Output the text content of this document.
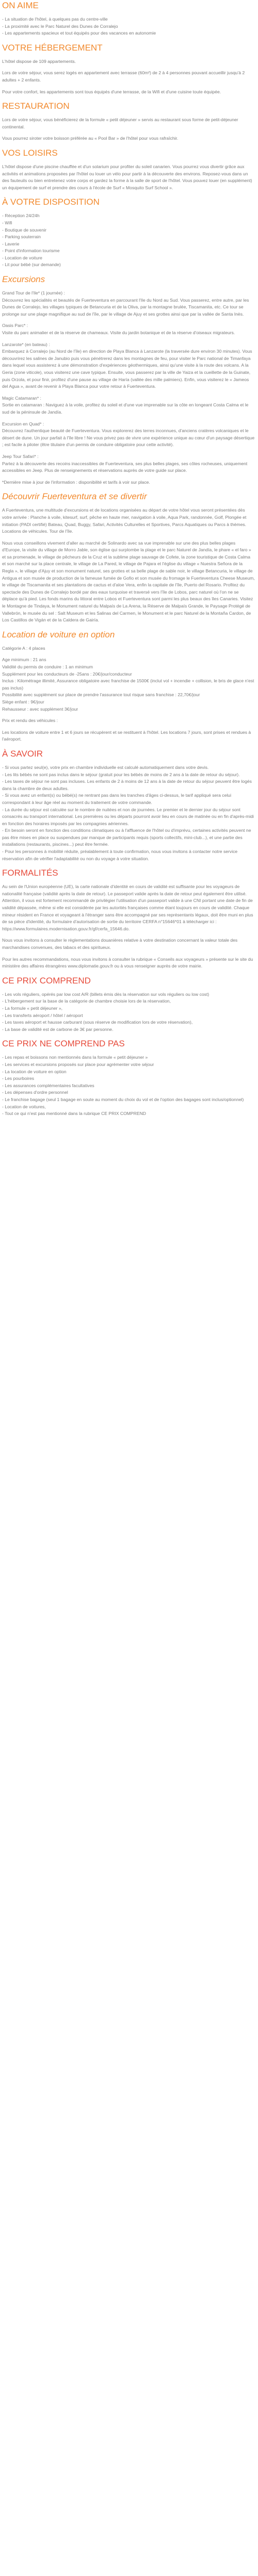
ON AIME
- La situation de l'hôtel, à quelques pas du centre-ville
- La proximité avec le Parc Naturel des Dunes de Corralejo
- Les appartements spacieux et tout équipés pour des vacances en autonomie
VOTRE HÉBERGEMENT

L'hôtel dispose de 109 appartements.

Lors de votre séjour, vous serez logés en appartement avec terrasse (60m²) de 2 à 4 personnes pouvant accueillir jusqu'à 2 adultes + 2 enfants.

Pour votre confort, les appartements sont tous équipés d'une terrasse, de la Wifi et d'une cuisine toute équipée.

RESTAURATION

Lors de votre séjour, vous bénéficierez de la formule « petit déjeuner » servis au restaurant sous forme de petit-déjeuner continental.

Vous pourrez siroter votre boisson préférée au « Pool Bar » de l'hôtel pour vous rafraîchir.

VOS LOISIRS

L'hôtel dispose d'une piscine chauffée et d'un solarium pour profiter du soleil canarien. Vous pourrez vous divertir grâce aux activités et animations proposées par l'hôtel ou louer un vélo pour partir à la découverte des environs. Reposez-vous dans un des fauteuils ou bien entretenez votre corps et gardez la forme à la salle de sport de l'hôtel. Vous pouvez louer (en supplément) un équipement de surf et prendre des cours à l'école de Surf « Mosquito Surf School ».

À VOTRE DISPOSITION
- Réception 24/24h
- Wifi
- Boutique de souvenir
- Parking souterrain
- Laverie
- Point d'information tourisme
- Location de voiture
- Lit pour bébé (sur demande)
Excursions

Grand Tour de l'Ile* (1 journée) :

Découvrez les spécialités et beautés de Fuerteventura en parcourant l'Ile du Nord au Sud. Vous passerez, entre autre, par les Dunes de Corralejo, les villages typiques de Betancuria et de la Oliva, par la montagne brulée, Tiscamanita, etc. Ce tour se prolonge sur une plage magnifique au sud de l'île, par le village de Ajuy et ses grottes ainsi que par la vallée de Santa Inès.

Oasis Parc* :

Visite du parc animalier et de la réserve de chameaux. Visite du jardin botanique et de la réserve d'oiseaux migrateurs.

Lanzarote* (en bateau) :

Embarquez à Corralejo (au Nord de l'île) en direction de Playa Blanca à Lanzarote (la traversée dure environ 30 minutes). Vous découvrirez les salines de Janubio puis vous pénétrerez dans les montagnes de feu, pour visiter le Parc national de Timanfaya dans lequel vous assisterez à une démonstration d'expériences géothermiques, ainsi qu'une visite à la route des volcans. A la Geria (zone viticole), vous visiterez une cave typique. Ensuite, vous passerez par la ville de Yaiza et la cueillette de la Guinate, puis Orzola, et pour finir, profitez d'une pause au village de Haría (vallée des mille palmiers). Enfin, vous visiterez le « Jameos del Agua », avant de revenir à Playa Blanca pour votre retour à Fuerteventura.

Magic Catamaran* :

Sortie en catamaran : Naviguez à la voile, profitez du soleil et d'une vue imprenable sur la côte en longeant Costa Calma et le sud de la péninsule de Jandía.

Excursion en Quad* :

Découvrez l'authentique beauté de Fuerteventura. Vous explorerez des terres inconnues, d'anciens cratères volcaniques et le désert de dune. Un jour parfait à l'île libre ! Ne vous privez pas de vivre une expérience unique au cœur d'un paysage désertique ; est facile à piloter (être titulaire d'un permis de conduire obligatoire pour cette activité).

Jeep Tour Safari* :

Partez à la découverte des recoins inaccessibles de Fuerteventura, ses plus belles plages, ses côtes rocheuses, uniquement accessibles en Jeep. Plus de renseignements et réservations auprès de votre guide sur place.

*Dernière mise à jour de l'information : disponibilité et tarifs à voir sur place.

Découvrir Fuerteventura et se divertir

A Fuerteventura, une multitude d'excursions et de locations organisées au départ de votre hôtel vous seront présentées dès votre arrivée : Planche à voile, kitesurf, surf, pêche en haute mer, navigation à voile, Aqua Park, randonnée, Golf, Plongée et initiation (PADI certifié) Bateau, Quad, Buggy, Safari, Activités Culturelles et Sportives, Parcs Aquatiques ou Parcs à thèmes. Locations de véhicules. Tour de l'île.

Nous vous conseillons vivement d'aller au marché de Solinardo avec sa vue imprenable sur une des plus belles plages d'Europe, la visite du village de Morro Jable, son église qui surplombe la plage et le parc Naturel de Jandía, le phare « el faro » et sa promenade, le village de pêcheurs de la Cruz et la sublime plage sauvage de Cofete, la zone touristique de Costa Calma et son marché sur la place centrale, le village de La Pared, le village de Pajara et l'église du village « Nuestra Señora de la Regla », le village d'Ajuy et son monument naturel, ses grottes et sa belle plage de sable noir, le village Betancuria, le village de Antigua et son musée de production de la fameuse fumée de Gofio et son musée du fromage le Fuerteventura Cheese Museum, le village de Tiscamanita et ses plantations de cactus et d'aloe Vera, enfin la capitale de l'île, Puerto del Rosario. Profitez du spectacle des Dunes de Corralejo bordé par des eaux turquoise et traversé vers l'île de Lobos, parc naturel où l'on ne se déplace qu'à pied. Les fonds marins du littoral entre Lobos et Fuerteventura sont parmi les plus beaux des îles Canaries. Visitez le Montagne de Tindaya, le Monument naturel du Malpaís de La Arena, la Réserve de Malpaís Grande, le Paysage Protégé de Vallebrón, le musée du sel : Salt Museum et les Salinas del Carmen, le Monument et le parc Naturel de la Montaña Cardon, de Los Castillos de Vigán et de la Caldera de Gairía.

Location de voiture en option

Catégorie A : 4 places

Age minimum : 21 ans

Validité du permis de conduire : 1 an minimum

Supplément pour les conducteurs de -25ans : 20€/jour/conducteur

Inclus : Kilométrage illimité, Assurance obligatoire avec franchise de 1500€ (inclut vol + incendie + collision, le bris de glace n'est pas inclus)

Possibilité avec supplément sur place de prendre l'assurance tout risque sans franchise : 22,70€/jour

Siège enfant : 9€/jour

Rehausseur : avec supplément 3€/jour

Prix et rendu des véhicules :

Les locations de voiture entre 1 et 6 jours se récupèrent et se restituent à l'hôtel. Les locations 7 jours, sont prises et rendues à l'aéroport.

À SAVOIR

- Si vous partez seul(e), votre prix en chambre individuelle est calculé automatiquement dans votre devis.

- Les lits bébés ne sont pas inclus dans le séjour (gratuit pour les bébés de moins de 2 ans à la date de retour du séjour).

- Les taxes de séjour ne sont pas incluses. Les enfants de 2 à moins de 12 ans à la date de retour du séjour peuvent être logés dans la chambre de deux adultes.

- Si vous avez un enfant(s) ou bébé(s) ne rentrant pas dans les tranches d'âges ci-dessus, le tarif appliqué sera celui correspondant à leur âge réel au moment du traitement de votre commande.

- La durée du séjour est calculée sur le nombre de nuitées et non de journées. Le premier et le dernier jour du séjour sont consacrés au transport international. Les premières ou les départs pourront avoir lieu en cours de matinée ou en fin d'après-midi en fonction des horaires imposés par les compagnies aériennes.

- En besoin seront en fonction des conditions climatiques ou à l'affluence de l'hôtel ou d'imprévu, certaines activités peuvent ne pas être mises en place ou suspendues par manque de participants requis (sports collectifs, mini-club...), et une partie des installations (restaurants, piscines...) peut être fermée.

- Pour les personnes à mobilité réduite, préalablement à toute confirmation, nous vous invitons à contacter notre service réservation afin de vérifier l'adaptabilité ou non du voyage à votre situation.

FORMALITÉS

Au sein de l'Union européenne (UE), la carte nationale d'identité en cours de validité est suffisante pour les voyageurs de nationalité française (validité après la date de retour). Le passeport valide après la date de retour peut également être utilisé. Attention, il vous est fortement recommandé de privilégier l'utilisation d'un passeport valide à une CNI portant une date de fin de validité dépassée, même si elle est considérée par les autorités françaises comme étant toujours en cours de validité. Chaque mineur résident en France et voyageant à l'étranger sans être accompagné par ses représentants légaux, doit être muni en plus de sa pièce d'identité, du formulaire d'autorisation de sortie du territoire CERFA n°15646*01 à télécharger ici : https://www.formulaires.modernisation.gouv.fr/gf/cerfa_15646.do.

Nous vous invitons à consulter le règlementations douanières relative à votre destination concernant la valeur totale des marchandises convenues, des tabacs et des spiritueux.

Pour les autres recommandations, nous vous invitons à consulter la rubrique « Conseils aux voyageurs » présente sur le site du ministère des affaires étrangères www.diplomatie.gouv.fr ou à vous renseigner auprès de votre mairie.

CE PRIX COMPREND
- Les vols réguliers, opérés par low cost A/R (billets émis dès la réservation sur vols réguliers ou low cost)
- L'hébergement sur la base de la catégorie de chambre choisie lors de la réservation,
- La formule « petit déjeuner »,
- Les transferts aéroport / hôtel / aéroport
- Les taxes aéroport et hausse carburant (sous réserve de modification lors de votre réservation),
- La base de validité est de carbone de 3€ par personne.
CE PRIX NE COMPREND PAS
- Les repas et boissons non mentionnés dans la formule « petit déjeuner »
- Les services et excursions proposés sur place pour agrémenter votre séjour
- La location de voiture en option
- Les pourboires
- Les assurances complémentaires facultatives
- Les dépenses d'ordre personnel
- Le franchise bagage (seul 1 bagage en soute au moment du choix du vol et de l'option des bagages sont inclus/optionnel)
- Location de voitures,
- Tout ce qui n'est pas mentionné dans la rubrique CE PRIX COMPREND
